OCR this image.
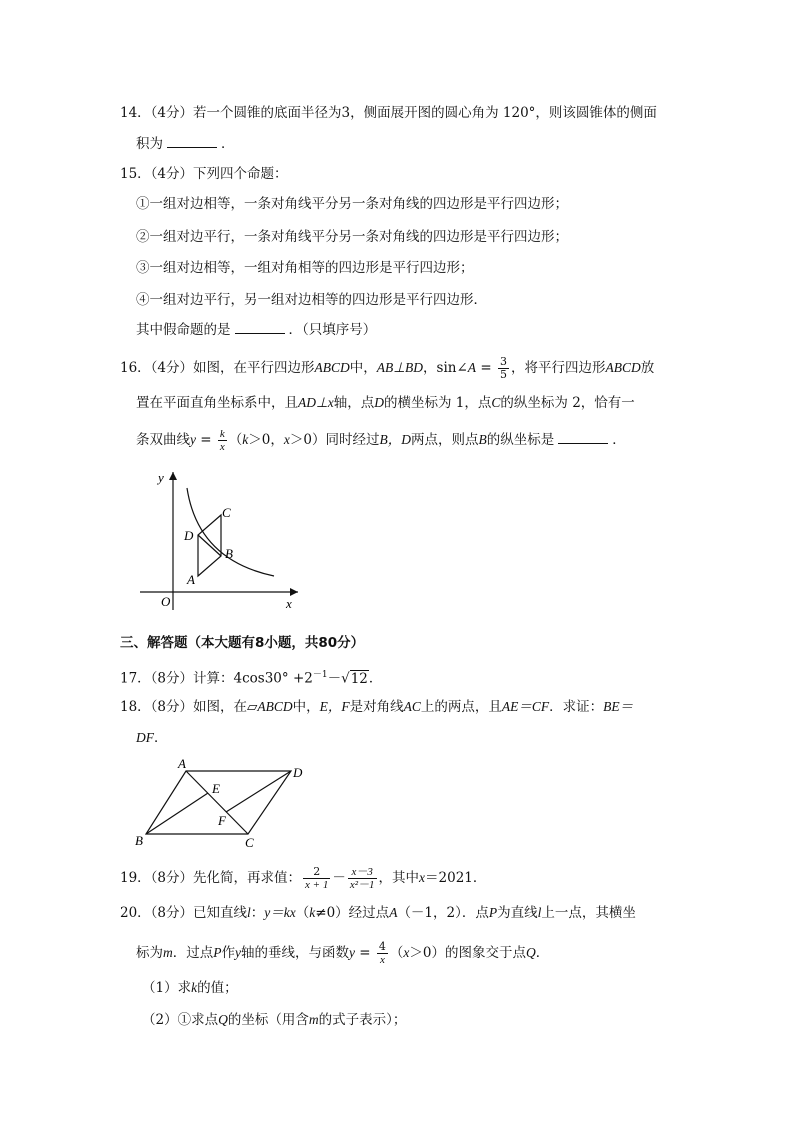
14．（4分）若一个圆锥的底面半径为3，侧面展开图的圆心角为 120°，则该圆锥体的侧面
积为	．
15．（4分）下列四个命题：
①一组对边相等，一条对角线平分另一条对角线的四边形是平行四边形；
②一组对边平行，一条对角线平分另一条对角线的四边形是平行四边形；
③一组对边相等，一组对角相等的四边形是平行四边形；
④一组对边平行，另一组对边相等的四边形是平行四边形．
其中假命题的是	．（只填序号）
16．（4分）如图，在平行四边形ABCD中，AB⊥BD，sin∠A = $\frac{3}{5}$ ，将平行四边形ABCD放
置在平面直角坐标系中，且AD⊥x轴，点D的横坐标为 1，点C的纵坐标为 2，恰有一
条双曲线$y = \frac{k}{x} (k>0$，x＞0）同时经过B，D两点，则点B的纵坐标是	．
y
x
O
A
B
C
D
三、解答题（本大题有8小题，共80分）
17．（8分）计算：$4\cos 30^\circ +2^{-1}-√12$．
18．（8分）如图，在▱ABCD中，E，F是对角线AC上的两点，且AE＝CF．求证：BE＝
DF．
A
D
B	C
E
F
19．（8分）先化简，再求值： $\frac{2}{x + 1} - \frac{x-3}{\text{x²－1}}$ ，其中x＝2021．
20．（8分）已知直线l：y＝kx（k≠0）经过点A（－1，2）．点P为直线l上一点，其横坐
标为m．过点P作y轴的垂线，与函数$y = \frac{4}{x} (x>0)$的图象交于点Q．
（1）求k的值；
（2）①求点Q的坐标（用含m的式子表示）；
